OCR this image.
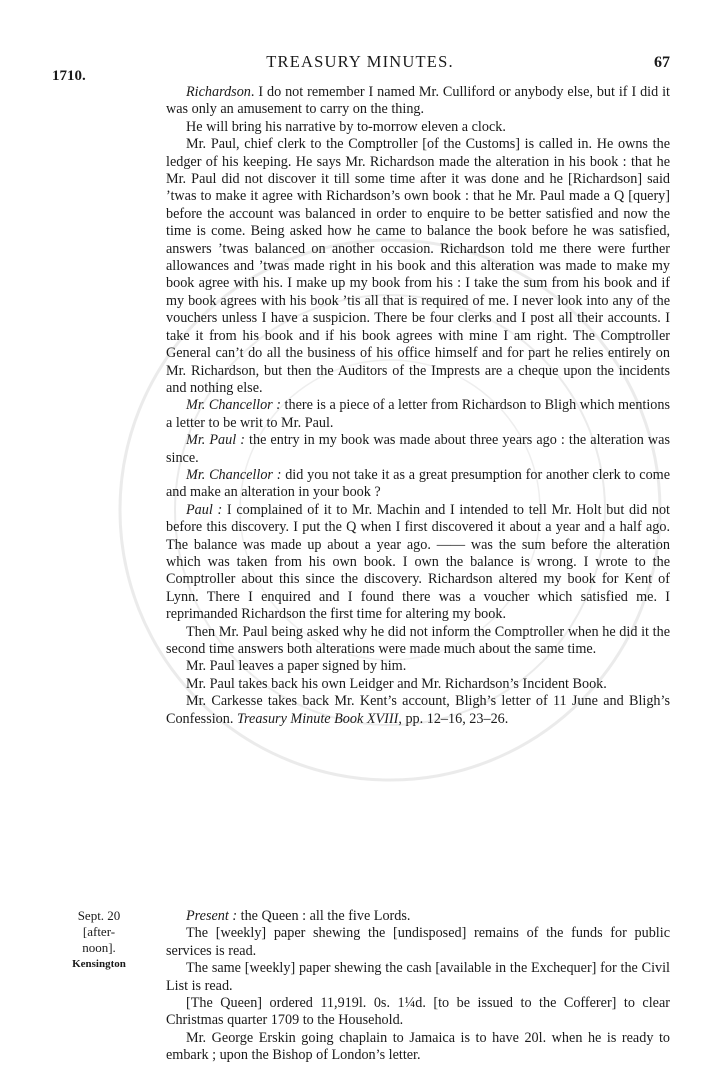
1710.
TREASURY MINUTES.	67

Richardson. I do not remember I named Mr. Culliford or anybody else, but if I did it was only an amusement to carry on the thing.

He will bring his narrative by to-morrow eleven a clock.

Mr. Paul, chief clerk to the Comptroller [of the Customs] is called in. He owns the ledger of his keeping. He says Mr. Richardson made the alteration in his book : that he Mr. Paul did not discover it till some time after it was done and he [Richardson] said ’twas to make it agree with Richardson’s own book : that he Mr. Paul made a Q [query] before the account was balanced in order to enquire to be better satisfied and now the time is come. Being asked how he came to balance the book before he was satisfied, answers ’twas balanced on another occasion. Richardson told me there were further allowances and ’twas made right in his book and this alteration was made to make my book agree with his. I make up my book from his : I take the sum from his book and if my book agrees with his book ’tis all that is required of me. I never look into any of the vouchers unless I have a suspicion. There be four clerks and I post all their accounts. I take it from his book and if his book agrees with mine I am right. The Comptroller General can’t do all the business of his office himself and for part he relies entirely on Mr. Richardson, but then the Auditors of the Imprests are a cheque upon the incidents and nothing else.

Mr. Chancellor : there is a piece of a letter from Richardson to Bligh which mentions a letter to be writ to Mr. Paul.

Mr. Paul : the entry in my book was made about three years ago : the alteration was since.

Mr. Chancellor : did you not take it as a great presumption for another clerk to come and make an alteration in your book ?

Paul : I complained of it to Mr. Machin and I intended to tell Mr. Holt but did not before this discovery. I put the Q when I first discovered it about a year and a half ago. The balance was made up about a year ago. —— was the sum before the alteration which was taken from his own book. I own the balance is wrong. I wrote to the Comptroller about this since the discovery. Richardson altered my book for Kent of Lynn. There I enquired and I found there was a voucher which satisfied me. I reprimanded Richardson the first time for altering my book.

Then Mr. Paul being asked why he did not inform the Comptroller when he did it the second time answers both alterations were made much about the same time.

Mr. Paul leaves a paper signed by him.

Mr. Paul takes back his own Leidger and Mr. Richardson’s Incident Book.

Mr. Carkesse takes back Mr. Kent’s account, Bligh’s letter of 11 June and Bligh’s Confession. Treasury Minute Book XVIII, pp. 12–16, 23–26.

Sept. 20
[after-
noon].
Kensington

Present : the Queen : all the five Lords.

The [weekly] paper shewing the [undisposed] remains of the funds for public services is read.

The same [weekly] paper shewing the cash [available in the Exchequer] for the Civil List is read.

[The Queen] ordered 11,919l. 0s. 1¼d. [to be issued to the Cofferer] to clear Christmas quarter 1709 to the Household.

Mr. George Erskin going chaplain to Jamaica is to have 20l. when he is ready to embark ; upon the Bishop of London’s letter.
